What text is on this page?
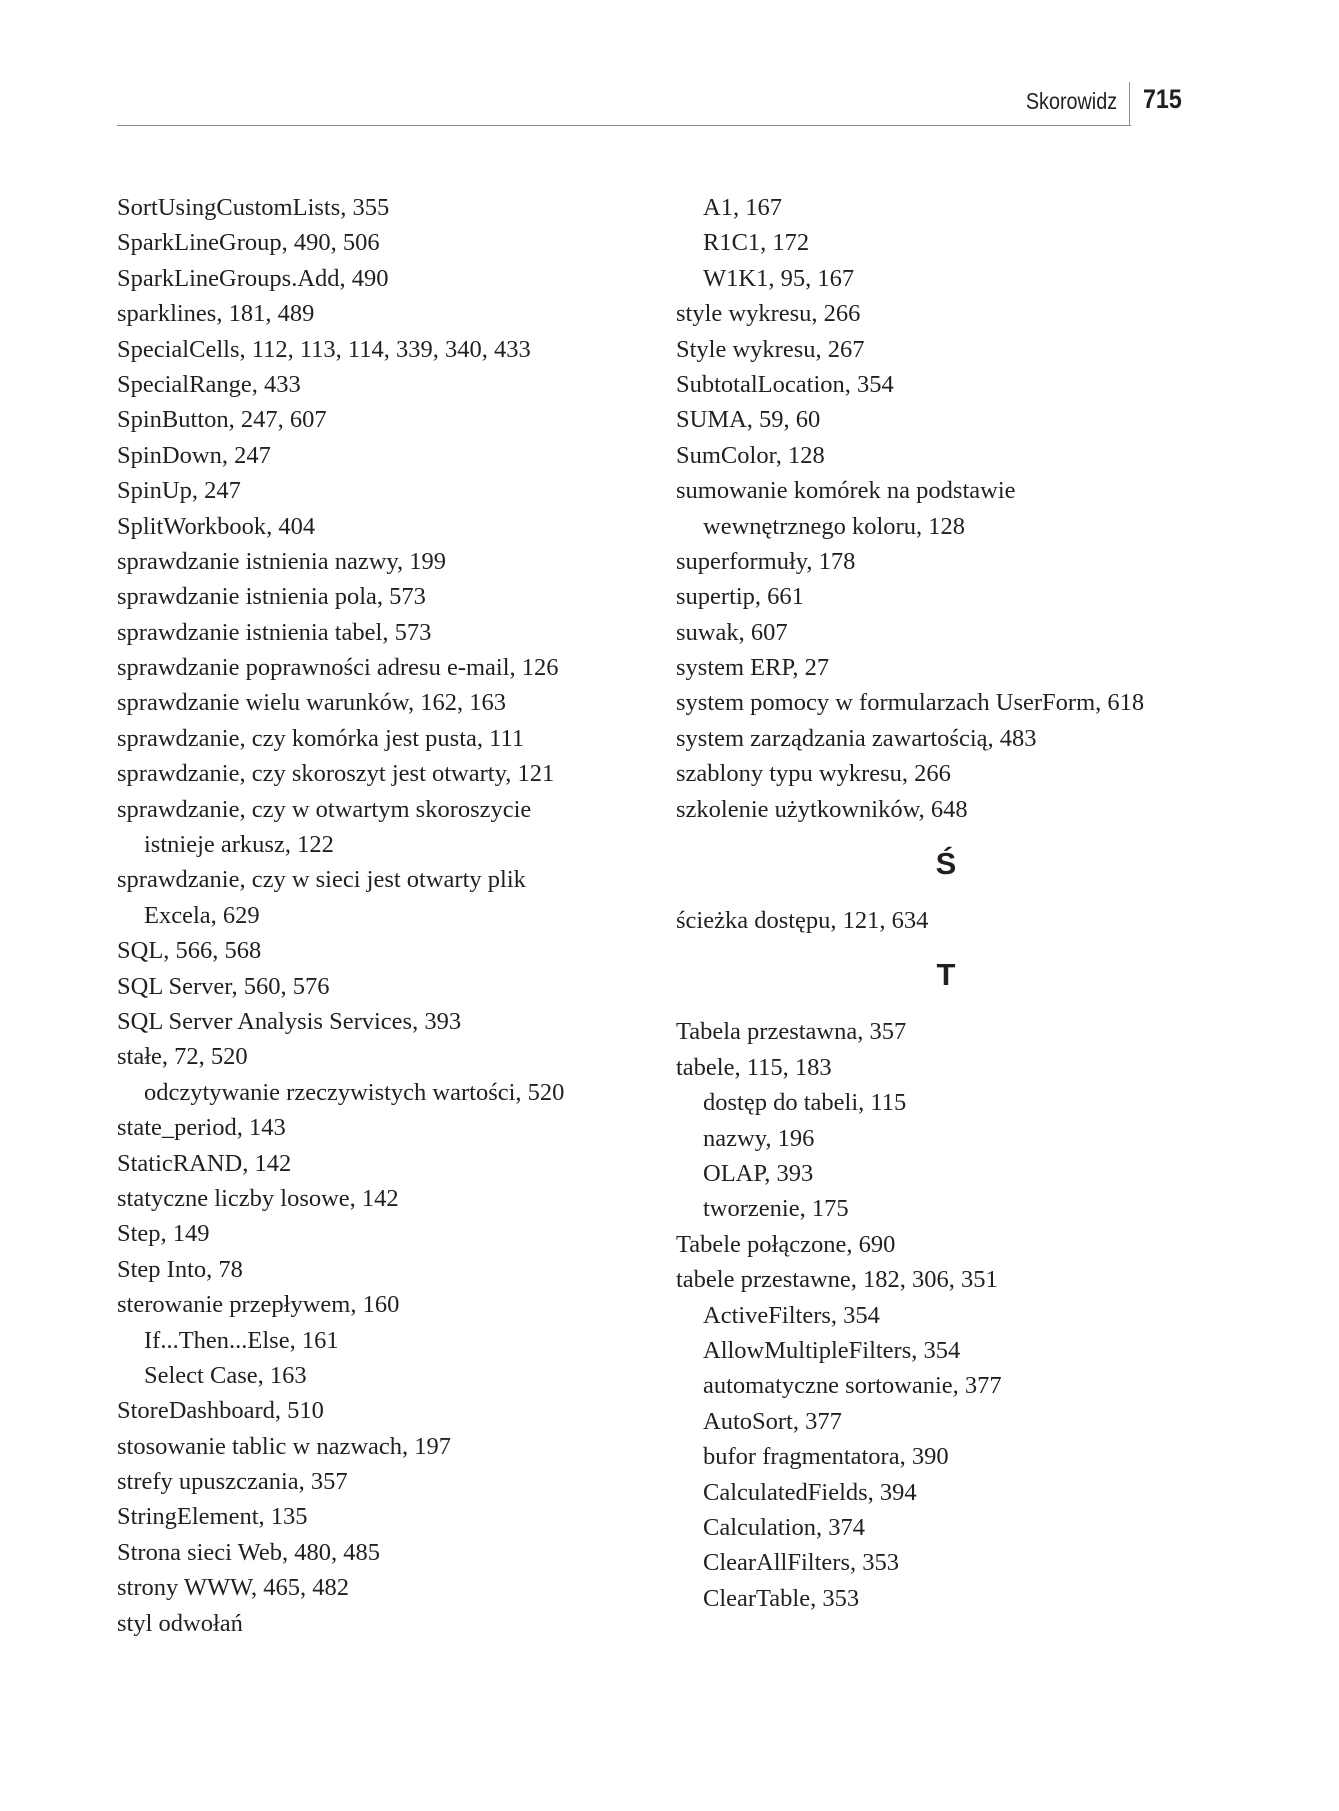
Skorowidz 715
SortUsingCustomLists, 355
SparkLineGroup, 490, 506
SparkLineGroups.Add, 490
sparklines, 181, 489
SpecialCells, 112, 113, 114, 339, 340, 433
SpecialRange, 433
SpinButton, 247, 607
SpinDown, 247
SpinUp, 247
SplitWorkbook, 404
sprawdzanie istnienia nazwy, 199
sprawdzanie istnienia pola, 573
sprawdzanie istnienia tabel, 573
sprawdzanie poprawności adresu e-mail, 126
sprawdzanie wielu warunków, 162, 163
sprawdzanie, czy komórka jest pusta, 111
sprawdzanie, czy skoroszyt jest otwarty, 121
sprawdzanie, czy w otwartym skoroszycie
istnieje arkusz, 122
sprawdzanie, czy w sieci jest otwarty plik
Excela, 629
SQL, 566, 568
SQL Server, 560, 576
SQL Server Analysis Services, 393
stałe, 72, 520
odczytywanie rzeczywistych wartości, 520
state_period, 143
StaticRAND, 142
statyczne liczby losowe, 142
Step, 149
Step Into, 78
sterowanie przepływem, 160
If...Then...Else, 161
Select Case, 163
StoreDashboard, 510
stosowanie tablic w nazwach, 197
strefy upuszczania, 357
StringElement, 135
Strona sieci Web, 480, 485
strony WWW, 465, 482
styl odwołań
A1, 167
R1C1, 172
W1K1, 95, 167
style wykresu, 266
Style wykresu, 267
SubtotalLocation, 354
SUMA, 59, 60
SumColor, 128
sumowanie komórek na podstawie
wewnętrznego koloru, 128
superformuły, 178
supertip, 661
suwak, 607
system ERP, 27
system pomocy w formularzach UserForm, 618
system zarządzania zawartością, 483
szablony typu wykresu, 266
szkolenie użytkowników, 648
Ś
ścieżka dostępu, 121, 634
T
Tabela przestawna, 357
tabele, 115, 183
dostęp do tabeli, 115
nazwy, 196
OLAP, 393
tworzenie, 175
Tabele połączone, 690
tabele przestawne, 182, 306, 351
ActiveFilters, 354
AllowMultipleFilters, 354
automatyczne sortowanie, 377
AutoSort, 377
bufor fragmentatora, 390
CalculatedFields, 394
Calculation, 374
ClearAllFilters, 353
ClearTable, 353
